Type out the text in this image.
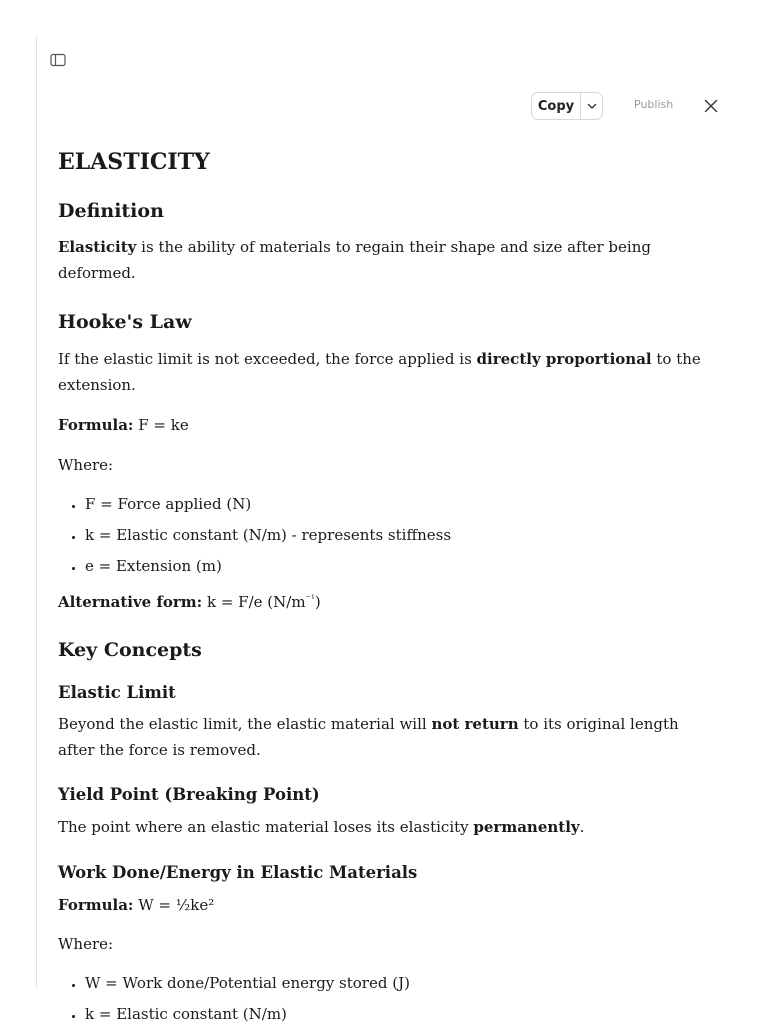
Copy	Publish
ELASTICITY
Definition

Elasticity is the ability of materials to regain their shape and size after being deformed.

Hooke's Law

If the elastic limit is not exceeded, the force applied is directly proportional to the extension.

Formula: F = ke

Where:

• F = Force applied (N)
• k = Elastic constant (N/m) - represents stiffness
• e = Extension (m)

Alternative form: k = F/e $(N/m^{^{-1}})$

Key Concepts
Elastic Limit

Beyond the elastic limit, the elastic material will not return to its original length after the force is removed.

Yield Point (Breaking Point)

The point where an elastic material loses its elasticity permanently.

Work Done/Energy in Elastic Materials

Formula: W = ½ke²

Where:

• W = Work done/Potential energy stored (J)
• k = Elastic constant (N/m)
